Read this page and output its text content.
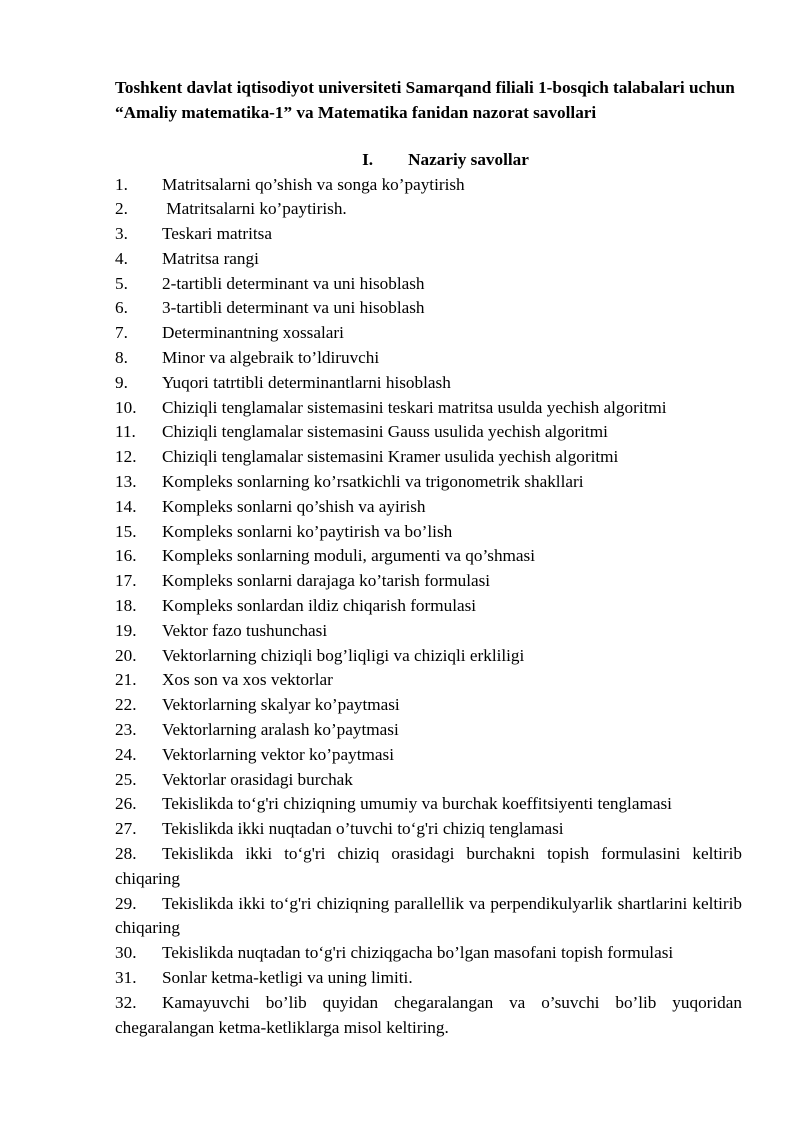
Toshkent davlat iqtisodiyot universiteti Samarqand filiali 1-bosqich talabalari uchun “Amaliy matematika-1” va Matematika fanidan nazorat savollari

I.	Nazariy savollar
1. Matritsalarni qo’shish va songa ko’paytirish
2. Matritsalarni ko’paytirish.
3. Teskari matritsa
4. Matritsa rangi
5. 2-tartibli determinant va uni hisoblash
6. 3-tartibli determinant va uni hisoblash
7. Determinantning xossalari
8. Minor va algebraik to’ldiruvchi
9. Yuqori tatrtibli determinantlarni hisoblash
10. Chiziqli tenglamalar sistemasini teskari matritsa usulda yechish algoritmi
11. Chiziqli tenglamalar sistemasini Gauss usulida yechish algoritmi
12. Chiziqli tenglamalar sistemasini Kramer usulida yechish algoritmi
13. Kompleks sonlarning ko’rsatkichli va trigonometrik shakllari
14. Kompleks sonlarni qo’shish va ayirish
15. Kompleks sonlarni ko’paytirish va bo’lish
16. Kompleks sonlarning moduli, argumenti va qo’shmasi
17. Kompleks sonlarni darajaga ko’tarish formulasi
18. Kompleks sonlardan ildiz chiqarish formulasi
19. Vektor fazo tushunchasi
20. Vektorlarning chiziqli bog’liqligi va chiziqli erkliligi
21. Xos son va xos vektorlar
22. Vektorlarning skalyar ko’paytmasi
23. Vektorlarning aralash ko’paytmasi
24. Vektorlarning vektor ko’paytmasi
25. Vektorlar orasidagi burchak
26. Tekislikda to‘g'ri chiziqning umumiy va burchak koeffitsiyenti tenglamasi
27. Tekislikda ikki nuqtadan o’tuvchi to‘g'ri chiziq tenglamasi
28. Tekislikda ikki to‘g'ri chiziq orasidagi burchakni topish formulasini keltirib chiqaring
29. Tekislikda ikki to‘g'ri chiziqning parallellik va perpendikulyarlik shartlarini keltirib chiqaring
30. Tekislikda nuqtadan to‘g'ri chiziqgacha bo’lgan masofani topish formulasi
31. Sonlar ketma-ketligi va uning limiti.
32. Kamayuvchi bo’lib quyidan chegaralangan va o’suvchi bo’lib yuqoridan chegaralangan ketma-ketliklarga misol keltiring.
